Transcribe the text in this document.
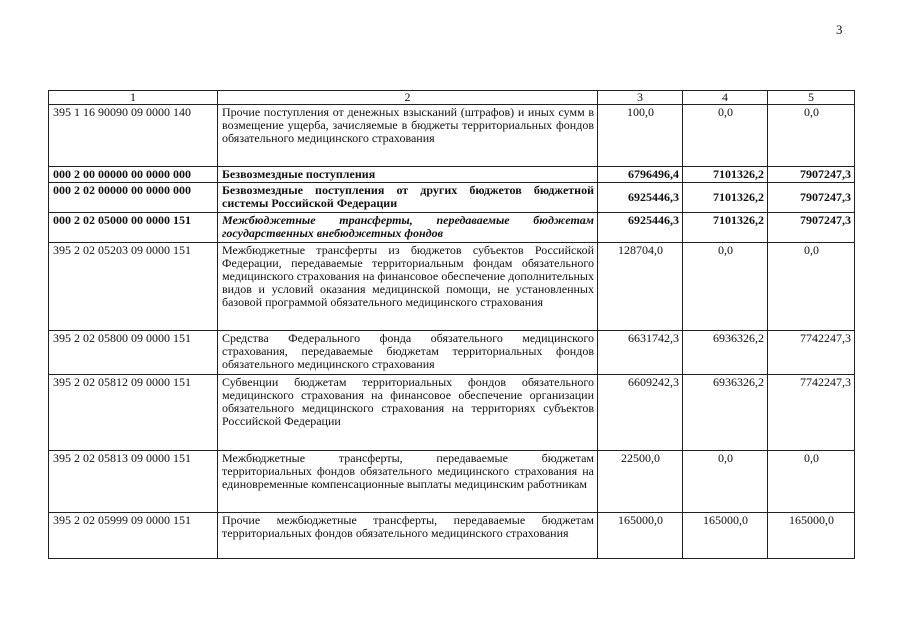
3
1	2	3	4	5
395 1 16 90090 09 0000 140	Прочие поступления от денежных взысканий (штрафов) и иных сумм в возмещение ущерба, зачисляемые в бюджеты территориальных фондов обязательного медицинского страхования	100,0	0,0	0,0
000 2 00 00000 00 0000 000	Безвозмездные поступления	6796496,4	7101326,2	7907247,3
000 2 02 00000 00 0000 000	Безвозмездные поступления от других бюджетов бюджетной системы Российской Федерации	6925446,3	7101326,2	7907247,3
000 2 02 05000 00 0000 151	Межбюджетные трансферты, передаваемые бюджетам государственных внебюджетных фондов	6925446,3	7101326,2	7907247,3
395 2 02 05203 09 0000 151	Межбюджетные трансферты из бюджетов субъектов Российской Федерации, передаваемые территориальным фондам обязательного медицинского страхования на финансовое обеспечение дополнительных видов и условий оказания медицинской помощи, не установленных базовой программой обязательного медицинского страхования	128704,0	0,0	0,0
395 2 02 05800 09 0000 151	Средства Федерального фонда обязательного медицинского страхования, передаваемые бюджетам территориальных фондов обязательного медицинского страхования	6631742,3	6936326,2	7742247,3
395 2 02 05812 09 0000 151	Субвенции бюджетам территориальных фондов обязательного медицинского страхования на финансовое обеспечение организации обязательного медицинского страхования на территориях субъектов Российской Федерации	6609242,3	6936326,2	7742247,3
395 2 02 05813 09 0000 151	Межбюджетные трансферты, передаваемые бюджетам территориальных фондов обязательного медицинского страхования на единовременные компенсационные выплаты медицинским работникам	22500,0	0,0	0,0
395 2 02 05999 09 0000 151	Прочие межбюджетные трансферты, передаваемые бюджетам территориальных фондов обязательного медицинского страхования	165000,0	165000,0	165000,0
